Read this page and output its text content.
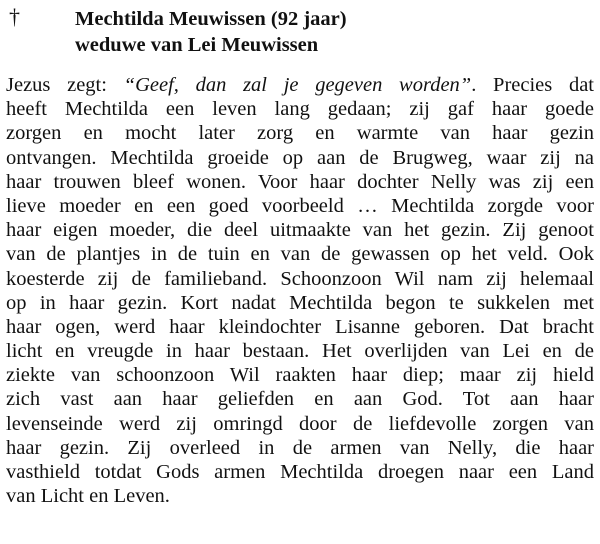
†	Mechtilda Meuwissen (92 jaar)
weduwe van Lei Meuwissen
Jezus zegt: “Geef, dan zal je gegeven worden”. Precies dat
heeft Mechtilda een leven lang gedaan; zij gaf haar goede
zorgen en mocht later zorg en warmte van haar gezin
ontvangen. Mechtilda groeide op aan de Brugweg, waar zij na
haar trouwen bleef wonen. Voor haar dochter Nelly was zij een
lieve moeder en een goed voorbeeld … Mechtilda zorgde voor
haar eigen moeder, die deel uitmaakte van het gezin. Zij genoot
van de plantjes in de tuin en van de gewassen op het veld. Ook
koesterde zij de familieband. Schoonzoon Wil nam zij helemaal
op in haar gezin. Kort nadat Mechtilda begon te sukkelen met
haar ogen, werd haar kleindochter Lisanne geboren. Dat bracht
licht en vreugde in haar bestaan. Het overlijden van Lei en de
ziekte van schoonzoon Wil raakten haar diep; maar zij hield
zich vast aan haar geliefden en aan God. Tot aan haar
levenseinde werd zij omringd door de liefdevolle zorgen van
haar gezin. Zij overleed in de armen van Nelly, die haar
vasthield totdat Gods armen Mechtilda droegen naar een Land
van Licht en Leven.
